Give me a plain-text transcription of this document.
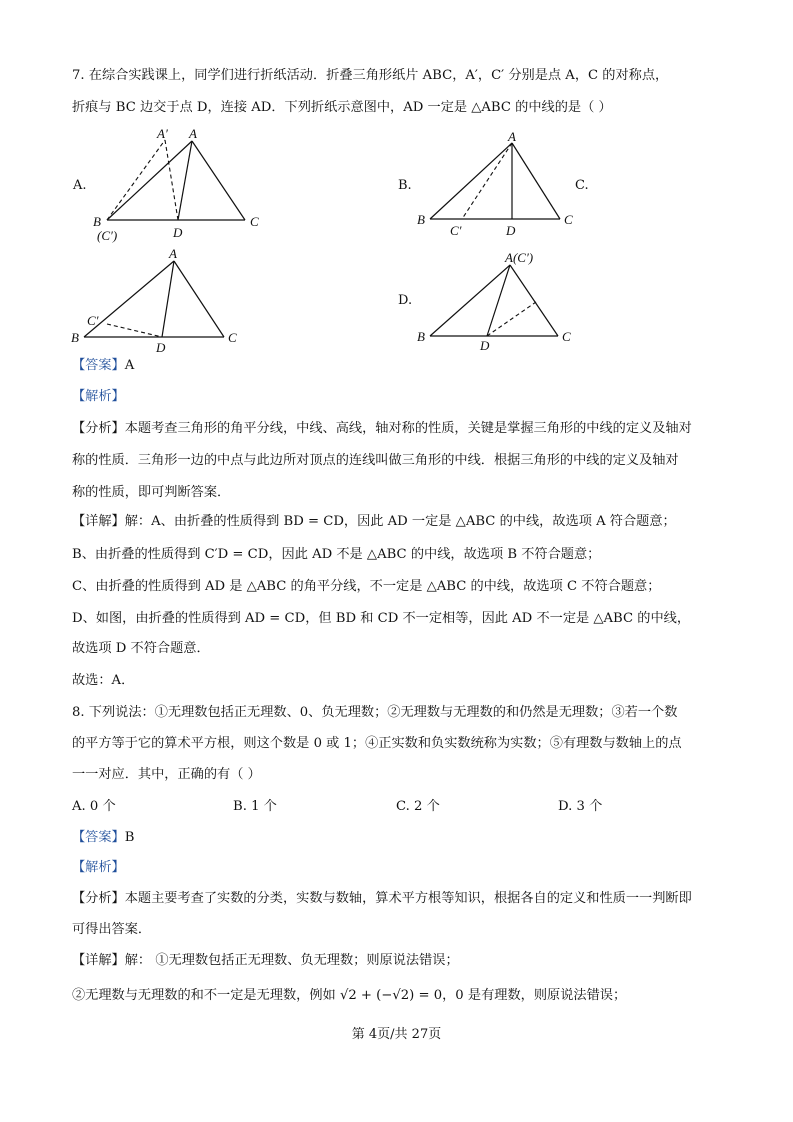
7. 在综合实践课上，同学们进行折纸活动．折叠三角形纸片 ABC，A′，C′ 分别是点 A，C 的对称点，
折痕与 BC 边交于点 D，连接 AD．下列折纸示意图中，AD 一定是 △ABC 的中线的是（ ）
A.	B.	C.
D.
A′ A
B
(C′)	D
C
A
B
C′	D
C
A
C′
B
D
C
A(C′)
B
D
C
【答案】A
【解析】
【分析】本题考查三角形的角平分线，中线、高线，轴对称的性质，关键是掌握三角形的中线的定义及轴对
称的性质．三角形一边的中点与此边所对顶点的连线叫做三角形的中线．根据三角形的中线的定义及轴对
称的性质，即可判断答案．
【详解】解：A、由折叠的性质得到 BD = CD，因此 AD 一定是 △ABC 的中线，故选项 A 符合题意；
B、由折叠的性质得到 C′D = CD，因此 AD 不是 △ABC 的中线，故选项 B 不符合题意；
C、由折叠的性质得到 AD 是 △ABC 的角平分线，不一定是 △ABC 的中线，故选项 C 不符合题意；
D、如图，由折叠的性质得到 AD = CD，但 BD 和 CD 不一定相等，因此 AD 不一定是 △ABC 的中线，
故选项 D 不符合题意．
故选：A．
8. 下列说法：①无理数包括正无理数、0、负无理数；②无理数与无理数的和仍然是无理数；③若一个数
的平方等于它的算术平方根，则这个数是 0 或 1；④正实数和负实数统称为实数；⑤有理数与数轴上的点
一一对应．其中，正确的有（ ）
A. 0 个	B. 1 个	C. 2 个	D. 3 个
【答案】B
【解析】
【分析】本题主要考查了实数的分类，实数与数轴，算术平方根等知识，根据各自的定义和性质一一判断即
可得出答案．
【详解】解： ①无理数包括正无理数、负无理数；则原说法错误；
②无理数与无理数的和不一定是无理数，例如 √2 + (−√2) = 0，0 是有理数，则原说法错误；
第 4页/共 27页
